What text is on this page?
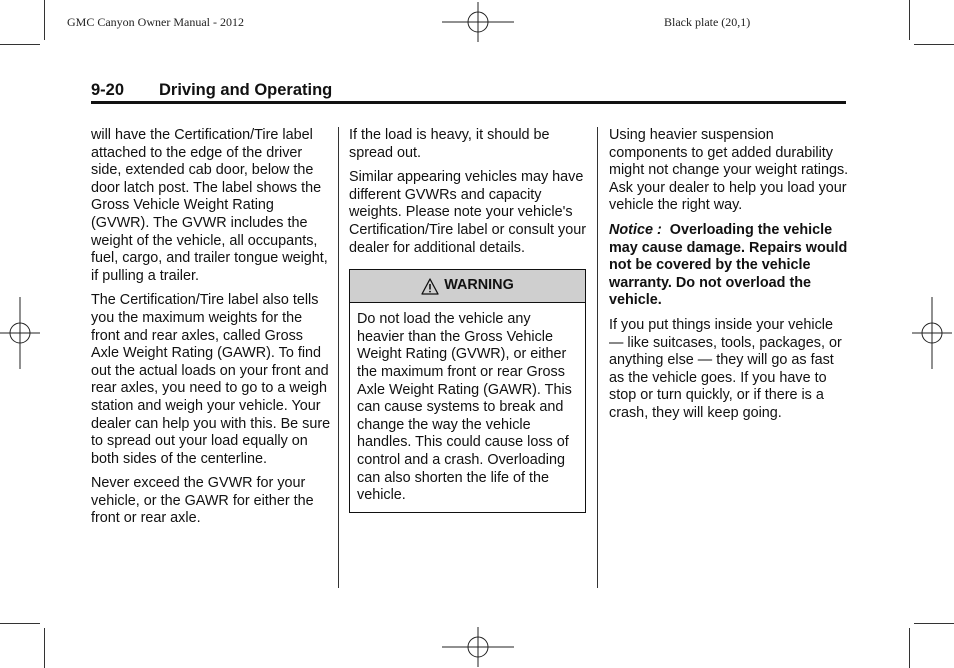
GMC Canyon Owner Manual - 2012	Black plate (20,1)
9-20 Driving and Operating

will have the Certification/Tire label attached to the edge of the driver side, extended cab door, below the door latch post. The label shows the Gross Vehicle Weight Rating (GVWR). The GVWR includes the weight of the vehicle, all occupants, fuel, cargo, and trailer tongue weight, if pulling a trailer.

The Certification/Tire label also tells you the maximum weights for the front and rear axles, called Gross Axle Weight Rating (GAWR). To find out the actual loads on your front and rear axles, you need to go to a weigh station and weigh your vehicle. Your dealer can help you with this. Be sure to spread out your load equally on both sides of the centerline.

Never exceed the GVWR for your vehicle, or the GAWR for either the front or rear axle.

If the load is heavy, it should be spread out.

Similar appearing vehicles may have different GVWRs and capacity weights. Please note your vehicle's Certification/Tire label or consult your dealer for additional details.

WARNING
Do not load the vehicle any heavier than the Gross Vehicle Weight Rating (GVWR), or either the maximum front or rear Gross Axle Weight Rating (GAWR). This can cause systems to break and change the way the vehicle handles. This could cause loss of control and a crash. Overloading can also shorten the life of the vehicle.

Using heavier suspension components to get added durability might not change your weight ratings. Ask your dealer to help you load your vehicle the right way.

Notice : Overloading the vehicle may cause damage. Repairs would not be covered by the vehicle warranty. Do not overload the vehicle.

If you put things inside your vehicle — like suitcases, tools, packages, or anything else — they will go as fast as the vehicle goes. If you have to stop or turn quickly, or if there is a crash, they will keep going.
